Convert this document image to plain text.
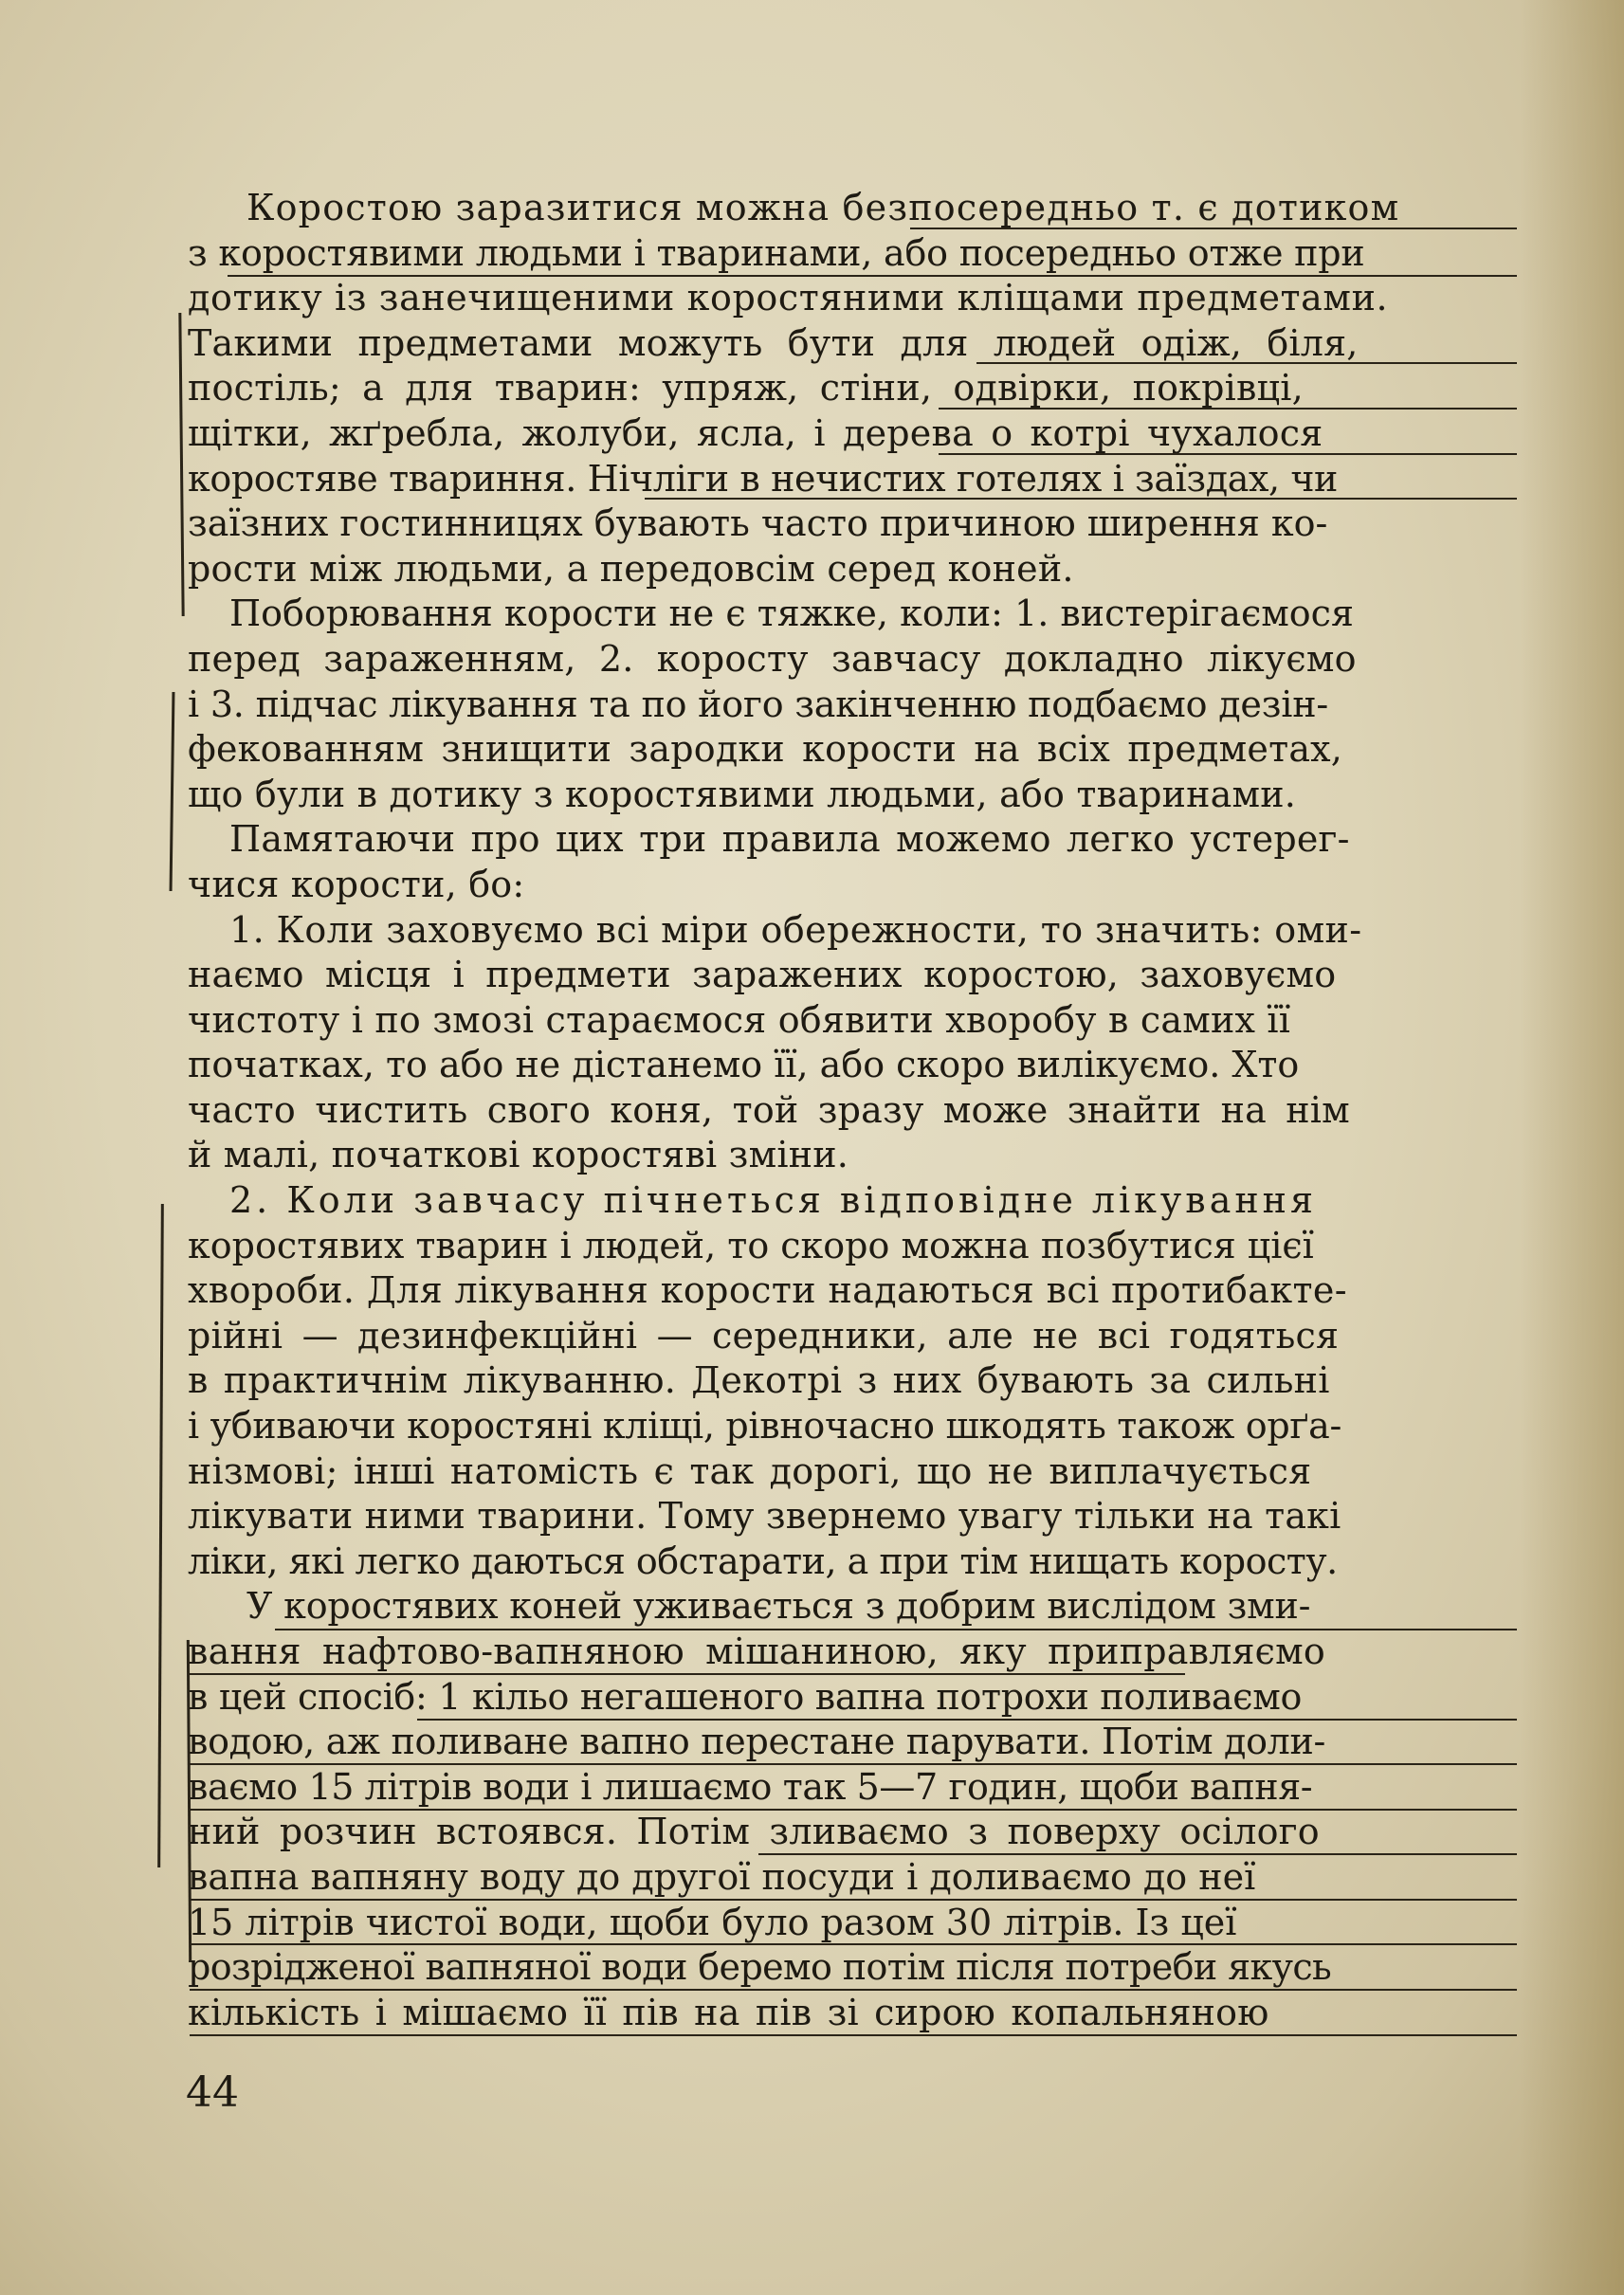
Коростою заразитися можна безпосередньо т. є дотиком
з коростявими людьми і тваринами, або посередньо отже при
дотику із занечищеними коростяними кліщами предметами.
Такими предметами можуть бути для людей одіж, біля,
постіль; а для тварин: упряж, стіни, одвірки, покрівці,
щітки, жґребла, жолуби, ясла, і дерева о котрі чухалося
коростяве твариння. Нічліги в нечистих готелях і заїздах, чи
заїзних гостинницях бувають часто причиною ширення ко-
рости між людьми, а передовсім серед коней.
Поборювання корости не є тяжке, коли: 1. вистерігаємося
перед зараженням, 2. коросту завчасу докладно лікуємо
і 3. підчас лікування та по його закінченню подбаємо дезін-
фекованням знищити зародки корости на всіх предметах,
що були в дотику з коростявими людьми, або тваринами.
Памятаючи про цих три правила можемо легко устерег-
чися корости, бо:
1. Коли заховуємо всі міри обережности, то значить: оми-
наємо місця і предмети заражених коростою, заховуємо
чистоту і по змозі стараємося обявити хворобу в самих її
початках, то або не дістанемо її, або скоро вилікуємо. Хто
часто чистить свого коня, той зразу може знайти на нім
й малі, початкові коростяві зміни.
2. Коли завчасу пічнеться відповідне лікування
коростявих тварин і людей, то скоро можна позбутися цієї
хвороби. Для лікування корости надаються всі протибакте-
рійні — дезинфекційні — середники, але не всі годяться
в практичнім лікуванню. Декотрі з них бувають за сильні
і убиваючи коростяні кліщі, рівночасно шкодять також орґа-
нізмові; інші натомість є так дорогі, що не виплачується
лікувати ними тварини. Тому звернемо увагу тільки на такі
ліки, які легко даються обстарати, а при тім нищать коросту.
У коростявих коней уживається з добрим вислідом зми-
вання нафтово-вапняною мішаниною, яку приправляємо
в цей спосіб: 1 кільо негашеного вапна потрохи поливаємо
водою, аж поливане вапно перестане парувати. Потім доли-
ваємо 15 літрів води і лишаємо так 5—7 годин, щоби вапня-
ний розчин встоявся. Потім зливаємо з поверху осілого
вапна вапняну воду до другої посуди і доливаємо до неї
15 літрів чистої води, щоби було разом 30 літрів. Із цеї
розрідженої вапняної води беремо потім після потреби якусь
кількість і мішаємо її пів на пів зі сирою копальняною
44
